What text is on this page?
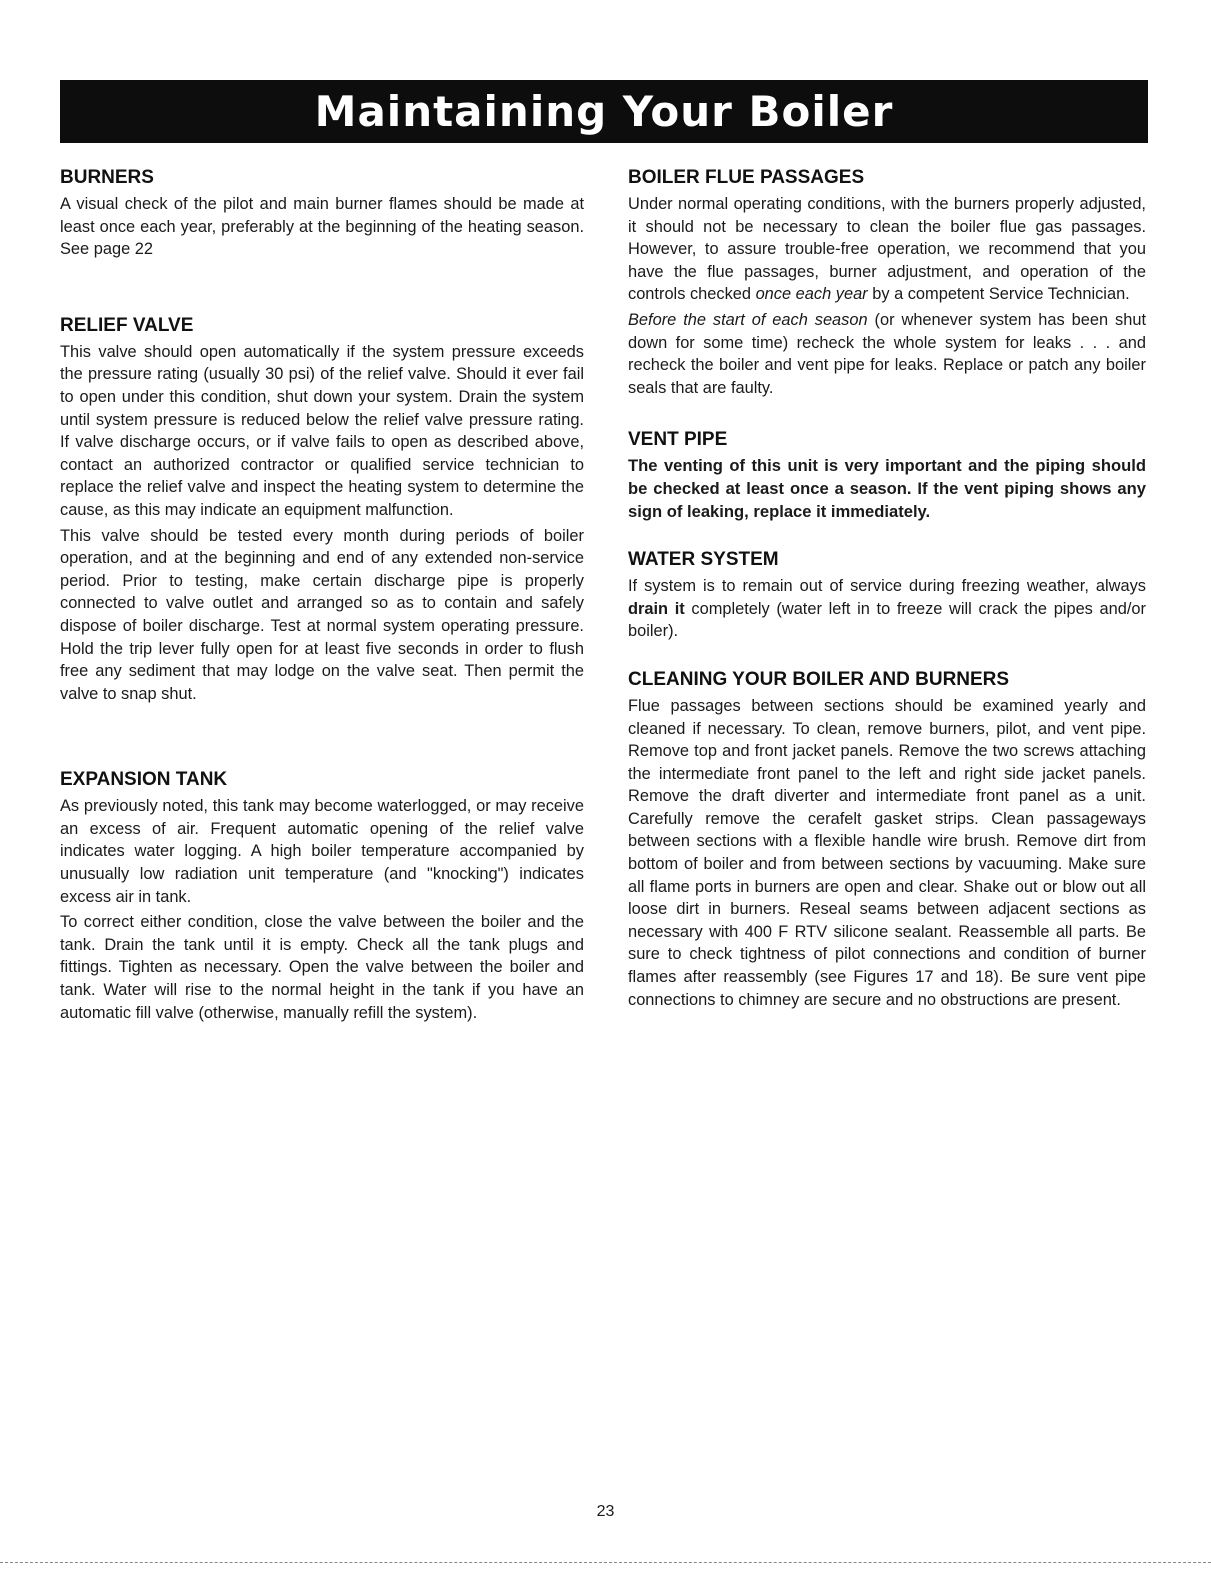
Maintaining Your Boiler
BURNERS

A visual check of the pilot and main burner flames should be made at least once each year, preferably at the beginning of the heating season. See page 22

RELIEF VALVE

This valve should open automatically if the system pressure exceeds the pressure rating (usually 30 psi) of the relief valve. Should it ever fail to open under this condition, shut down your system. Drain the system until system pressure is reduced below the relief valve pressure rating. If valve discharge occurs, or if valve fails to open as described above, contact an authorized contractor or qualified service technician to replace the relief valve and inspect the heating system to determine the cause, as this may indicate an equipment malfunction.

This valve should be tested every month during periods of boiler operation, and at the beginning and end of any extended non-service period. Prior to testing, make certain discharge pipe is properly connected to valve outlet and arranged so as to contain and safely dispose of boiler discharge. Test at normal system operating pressure. Hold the trip lever fully open for at least five seconds in order to flush free any sediment that may lodge on the valve seat. Then permit the valve to snap shut.

EXPANSION TANK

As previously noted, this tank may become waterlogged, or may receive an excess of air. Frequent automatic opening of the relief valve indicates water logging. A high boiler temperature accompanied by unusually low radiation unit temperature (and "knocking") indicates excess air in tank.

To correct either condition, close the valve between the boiler and the tank. Drain the tank until it is empty. Check all the tank plugs and fittings. Tighten as necessary. Open the valve between the boiler and tank. Water will rise to the normal height in the tank if you have an automatic fill valve (otherwise, manually refill the system).

BOILER FLUE PASSAGES

Under normal operating conditions, with the burners properly adjusted, it should not be necessary to clean the boiler flue gas passages. However, to assure trouble-free operation, we recommend that you have the flue passages, burner adjustment, and operation of the controls checked once each year by a competent Service Technician.

Before the start of each season (or whenever system has been shut down for some time) recheck the whole system for leaks . . . and recheck the boiler and vent pipe for leaks. Replace or patch any boiler seals that are faulty.

VENT PIPE

The venting of this unit is very important and the piping should be checked at least once a season. If the vent piping shows any sign of leaking, replace it immediately.

WATER SYSTEM

If system is to remain out of service during freezing weather, always drain it completely (water left in to freeze will crack the pipes and/or boiler).

CLEANING YOUR BOILER AND BURNERS

Flue passages between sections should be examined yearly and cleaned if necessary. To clean, remove burners, pilot, and vent pipe. Remove top and front jacket panels. Remove the two screws attaching the intermediate front panel to the left and right side jacket panels. Remove the draft diverter and intermediate front panel as a unit. Carefully remove the cerafelt gasket strips. Clean passageways between sections with a flexible handle wire brush. Remove dirt from bottom of boiler and from between sections by vacuuming. Make sure all flame ports in burners are open and clear. Shake out or blow out all loose dirt in burners. Reseal seams between adjacent sections as necessary with 400 F RTV silicone sealant. Reassemble all parts. Be sure to check tightness of pilot connections and condition of burner flames after reassembly (see Figures 17 and 18). Be sure vent pipe connections to chimney are secure and no obstructions are present.

23
